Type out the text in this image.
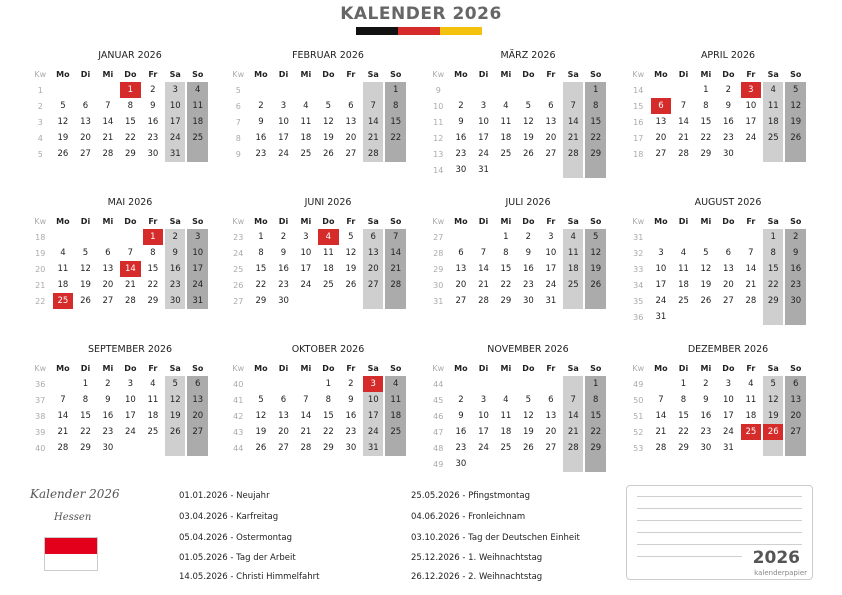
KALENDER 2026
JANUAR 2026
Kw	Mo	Di	Mi	Do	Fr	Sa	So
1				1	2	3	4
2	5	6	7	8	9	10	11
3	12	13	14	15	16	17	18
4	19	20	21	22	23	24	25
5	26	27	28	29	30	31	
FEBRUAR 2026
Kw	Mo	Di	Mi	Do	Fr	Sa	So
5							1
6	2	3	4	5	6	7	8
7	9	10	11	12	13	14	15
8	16	17	18	19	20	21	22
9	23	24	25	26	27	28	
MÄRZ 2026
Kw	Mo	Di	Mi	Do	Fr	Sa	So
9							1
10	2	3	4	5	6	7	8
11	9	10	11	12	13	14	15
12	16	17	18	19	20	21	22
13	23	24	25	26	27	28	29
14	30	31					
APRIL 2026
Kw	Mo	Di	Mi	Do	Fr	Sa	So
14			1	2	3	4	5
15	6	7	8	9	10	11	12
16	13	14	15	16	17	18	19
17	20	21	22	23	24	25	26
18	27	28	29	30			
MAI 2026
Kw	Mo	Di	Mi	Do	Fr	Sa	So
18					1	2	3
19	4	5	6	7	8	9	10
20	11	12	13	14	15	16	17
21	18	19	20	21	22	23	24
22	25	26	27	28	29	30	31
JUNI 2026
Kw	Mo	Di	Mi	Do	Fr	Sa	So
23	1	2	3	4	5	6	7
24	8	9	10	11	12	13	14
25	15	16	17	18	19	20	21
26	22	23	24	25	26	27	28
27	29	30					
JULI 2026
Kw	Mo	Di	Mi	Do	Fr	Sa	So
27			1	2	3	4	5
28	6	7	8	9	10	11	12
29	13	14	15	16	17	18	19
30	20	21	22	23	24	25	26
31	27	28	29	30	31		
AUGUST 2026
Kw	Mo	Di	Mi	Do	Fr	Sa	So
31						1	2
32	3	4	5	6	7	8	9
33	10	11	12	13	14	15	16
34	17	18	19	20	21	22	23
35	24	25	26	27	28	29	30
36	31						
SEPTEMBER 2026
Kw	Mo	Di	Mi	Do	Fr	Sa	So
36		1	2	3	4	5	6
37	7	8	9	10	11	12	13
38	14	15	16	17	18	19	20
39	21	22	23	24	25	26	27
40	28	29	30				
OKTOBER 2026
Kw	Mo	Di	Mi	Do	Fr	Sa	So
40				1	2	3	4
41	5	6	7	8	9	10	11
42	12	13	14	15	16	17	18
43	19	20	21	22	23	24	25
44	26	27	28	29	30	31	
NOVEMBER 2026
Kw	Mo	Di	Mi	Do	Fr	Sa	So
44							1
45	2	3	4	5	6	7	8
46	9	10	11	12	13	14	15
47	16	17	18	19	20	21	22
48	23	24	25	26	27	28	29
49	30						
DEZEMBER 2026
Kw	Mo	Di	Mi	Do	Fr	Sa	So
49		1	2	3	4	5	6
50	7	8	9	10	11	12	13
51	14	15	16	17	18	19	20
52	21	22	23	24	25	26	27
53	28	29	30	31			
Kalender 2026
Hessen
01.01.2026 - Neujahr
03.04.2026 - Karfreitag
05.04.2026 - Ostermontag
01.05.2026 - Tag der Arbeit
14.05.2026 - Christi Himmelfahrt
25.05.2026 - Pfingstmontag
04.06.2026 - Fronleichnam
03.10.2026 - Tag der Deutschen Einheit
25.12.2026 - 1. Weihnachtstag
26.12.2026 - 2. Weihnachtstag
2026
kalenderpapier
